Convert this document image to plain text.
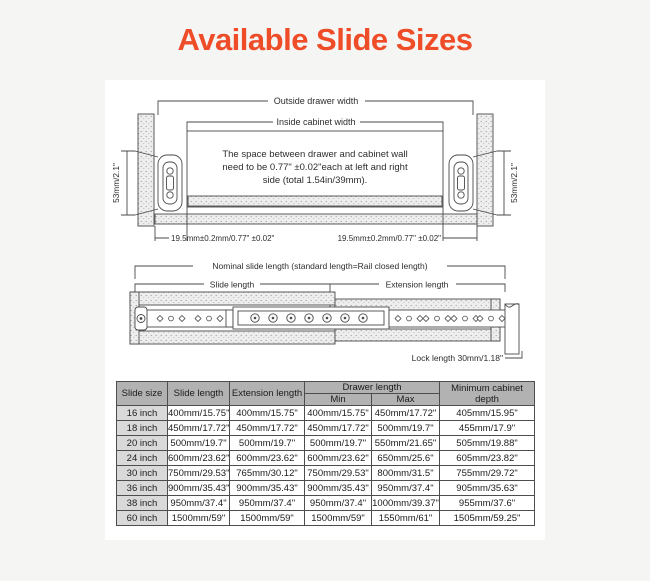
Available Slide Sizes
Outside drawer width
Inside cabinet width
53mm/2.1"	53mm/2.1"
The space between drawer and cabinet wall
need to be 0.77" ±0.02"each at left and right
side (total 1.54in/39mm).
19.5mm±0.2mm/0.77" ±0.02"	19.5mm±0.2mm/0.77" ±0.02"
Nominal slide length (standard length=Rail closed length)
Slide length	Extension length
Lock length 30mm/1.18"
Slide size	Slide length	Extension length	Drawer length		Minimum cabinet depth
			Min	Max	
16 inch	400mm/15.75"	400mm/15.75"	400mm/15.75"	450mm/17.72"	405mm/15.95"
18 inch	450mm/17.72"	450mm/17.72"	450mm/17.72"	500mm/19.7"	455mm/17.9"
20 inch	500mm/19.7"	500mm/19.7"	500mm/19.7"	550mm/21.65"	505mm/19.88"
24 inch	600mm/23.62"	600mm/23.62"	600mm/23.62"	650mm/25.6"	605mm/23.82"
30 inch	750mm/29.53"	765mm/30.12"	750mm/29.53"	800mm/31.5"	755mm/29.72"
36 inch	900mm/35.43"	900mm/35.43"	900mm/35.43"	950mm/37.4"	905mm/35.63"
38 inch	950mm/37.4"	950mm/37.4"	950mm/37.4"	1000mm/39.37"	955mm/37.6"
60 inch	1500mm/59"	1500mm/59"	1500mm/59"	1550mm/61"	1505mm/59.25"
